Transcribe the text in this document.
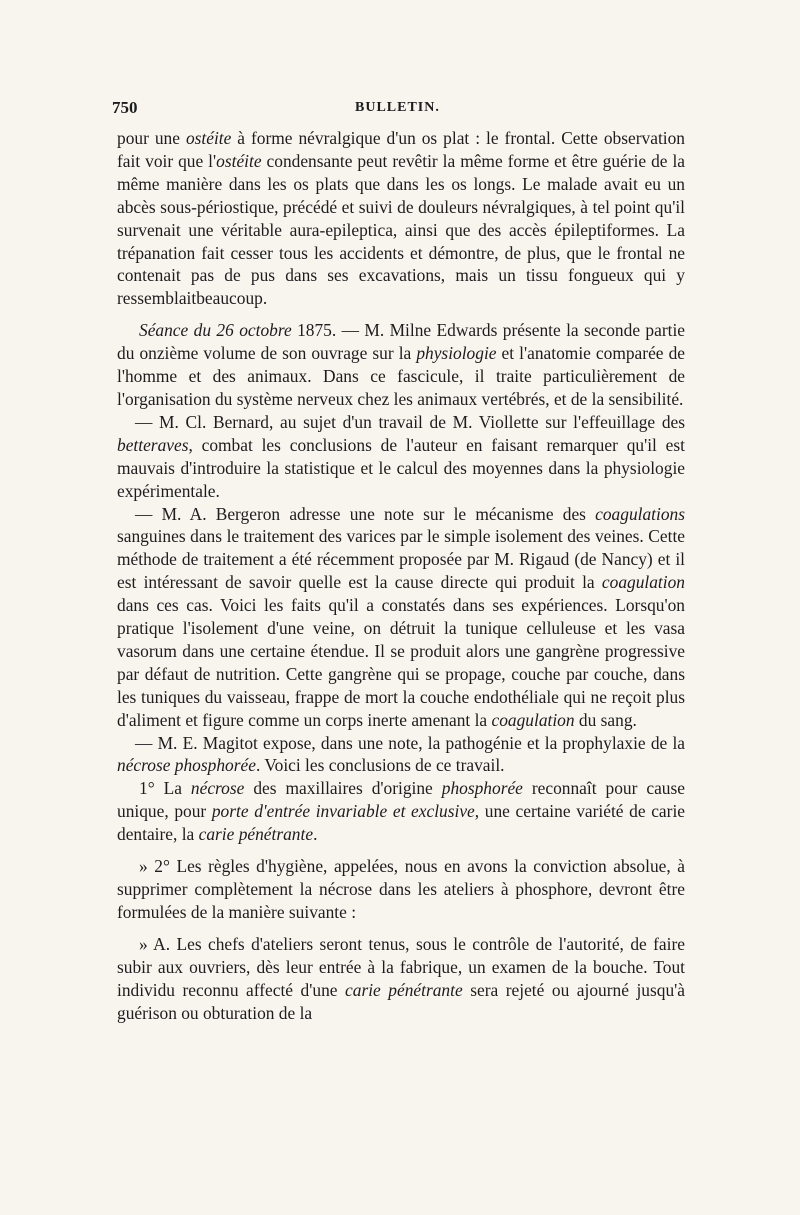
750	BULLETIN.

pour une ostéite à forme névralgique d'un os plat : le frontal. Cette observation fait voir que l'ostéite condensante peut revêtir la même forme et être guérie de la même manière dans les os plats que dans les os longs. Le malade avait eu un abcès sous-périostique, précédé et suivi de douleurs névralgiques, à tel point qu'il survenait une véritable aura-epileptica, ainsi que des accès épileptiformes. La trépanation fait cesser tous les accidents et démontre, de plus, que le frontal ne contenait pas de pus dans ses excavations, mais un tissu fongueux qui y ressemblaitbeaucoup.

Séance du 26 octobre 1875. — M. Milne Edwards présente la seconde partie du onzième volume de son ouvrage sur la physiologie et l'anatomie comparée de l'homme et des animaux. Dans ce fascicule, il traite particulièrement de l'organisation du système nerveux chez les animaux vertébrés, et de la sensibilité.

— M. Cl. Bernard, au sujet d'un travail de M. Viollette sur l'effeuillage des betteraves, combat les conclusions de l'auteur en faisant remarquer qu'il est mauvais d'introduire la statistique et le calcul des moyennes dans la physiologie expérimentale.

— M. A. Bergeron adresse une note sur le mécanisme des coagulations sanguines dans le traitement des varices par le simple isolement des veines. Cette méthode de traitement a été récemment proposée par M. Rigaud (de Nancy) et il est intéressant de savoir quelle est la cause directe qui produit la coagulation dans ces cas. Voici les faits qu'il a constatés dans ses expériences. Lorsqu'on pratique l'isolement d'une veine, on détruit la tunique celluleuse et les vasa vasorum dans une certaine étendue. Il se produit alors une gangrène progressive par défaut de nutrition. Cette gangrène qui se propage, couche par couche, dans les tuniques du vaisseau, frappe de mort la couche endothéliale qui ne reçoit plus d'aliment et figure comme un corps inerte amenant la coagulation du sang.

— M. E. Magitot expose, dans une note, la pathogénie et la prophylaxie de la nécrose phosphorée. Voici les conclusions de ce travail.

1° La nécrose des maxillaires d'origine phosphorée reconnaît pour cause unique, pour porte d'entrée invariable et exclusive, une certaine variété de carie dentaire, la carie pénétrante.

» 2° Les règles d'hygiène, appelées, nous en avons la conviction absolue, à supprimer complètement la nécrose dans les ateliers à phosphore, devront être formulées de la manière suivante :

» A. Les chefs d'ateliers seront tenus, sous le contrôle de l'autorité, de faire subir aux ouvriers, dès leur entrée à la fabrique, un examen de la bouche. Tout individu reconnu affecté d'une carie pénétrante sera rejeté ou ajourné jusqu'à guérison ou obturation de la
